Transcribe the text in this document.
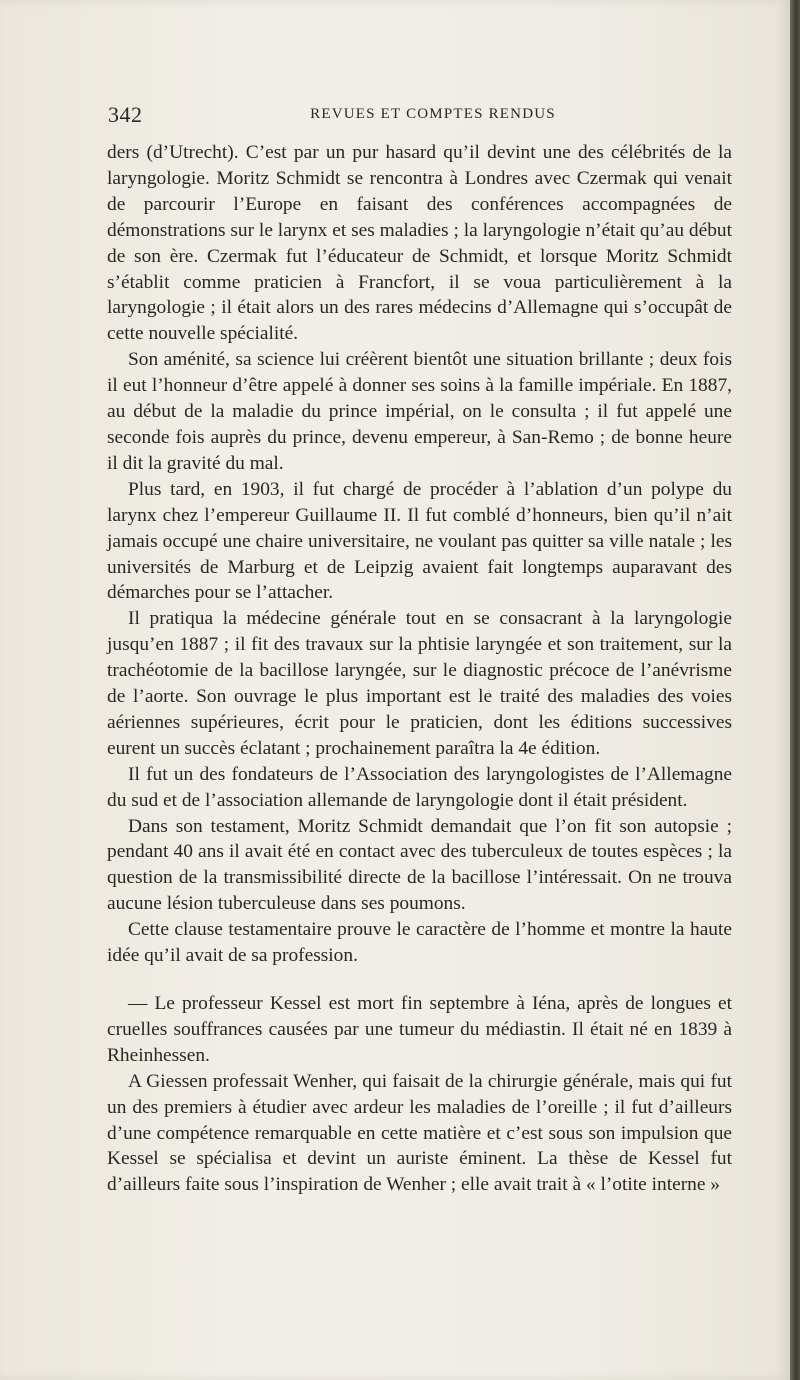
342	REVUES ET COMPTES RENDUS

ders (d’Utrecht). C’est par un pur hasard qu’il devint une des célébrités de la laryngologie. Moritz Schmidt se rencontra à Londres avec Czermak qui venait de parcourir l’Europe en faisant des conférences accompagnées de démonstrations sur le larynx et ses maladies ; la laryngologie n’était qu’au début de son ère. Czermak fut l’éducateur de Schmidt, et lorsque Moritz Schmidt s’établit comme praticien à Francfort, il se voua particulièrement à la laryngologie ; il était alors un des rares médecins d’Allemagne qui s’occupât de cette nouvelle spécialité.

Son aménité, sa science lui créèrent bientôt une situation brillante ; deux fois il eut l’honneur d’être appelé à donner ses soins à la famille impériale. En 1887, au début de la maladie du prince impérial, on le consulta ; il fut appelé une seconde fois auprès du prince, devenu empereur, à San-Remo ; de bonne heure il dit la gravité du mal.

Plus tard, en 1903, il fut chargé de procéder à l’ablation d’un polype du larynx chez l’empereur Guillaume II. Il fut comblé d’honneurs, bien qu’il n’ait jamais occupé une chaire universitaire, ne voulant pas quitter sa ville natale ; les universités de Marburg et de Leipzig avaient fait longtemps auparavant des démarches pour se l’attacher.

Il pratiqua la médecine générale tout en se consacrant à la laryngologie jusqu’en 1887 ; il fit des travaux sur la phtisie laryngée et son traitement, sur la trachéotomie de la bacillose laryngée, sur le diagnostic précoce de l’anévrisme de l’aorte. Son ouvrage le plus important est le traité des maladies des voies aériennes supérieures, écrit pour le praticien, dont les éditions successives eurent un succès éclatant ; prochainement paraîtra la 4e édition.

Il fut un des fondateurs de l’Association des laryngologistes de l’Allemagne du sud et de l’association allemande de laryngologie dont il était président.

Dans son testament, Moritz Schmidt demandait que l’on fit son autopsie ; pendant 40 ans il avait été en contact avec des tuberculeux de toutes espèces ; la question de la transmissibilité directe de la bacillose l’intéressait. On ne trouva aucune lésion tuberculeuse dans ses poumons.

Cette clause testamentaire prouve le caractère de l’homme et montre la haute idée qu’il avait de sa profession.

— Le professeur Kessel est mort fin septembre à Iéna, après de longues et cruelles souffrances causées par une tumeur du médiastin. Il était né en 1839 à Rheinhessen.

A Giessen professait Wenher, qui faisait de la chirurgie générale, mais qui fut un des premiers à étudier avec ardeur les maladies de l’oreille ; il fut d’ailleurs d’une compétence remarquable en cette matière et c’est sous son impulsion que Kessel se spécialisa et devint un auriste éminent. La thèse de Kessel fut d’ailleurs faite sous l’inspiration de Wenher ; elle avait trait à « l’otite interne »
